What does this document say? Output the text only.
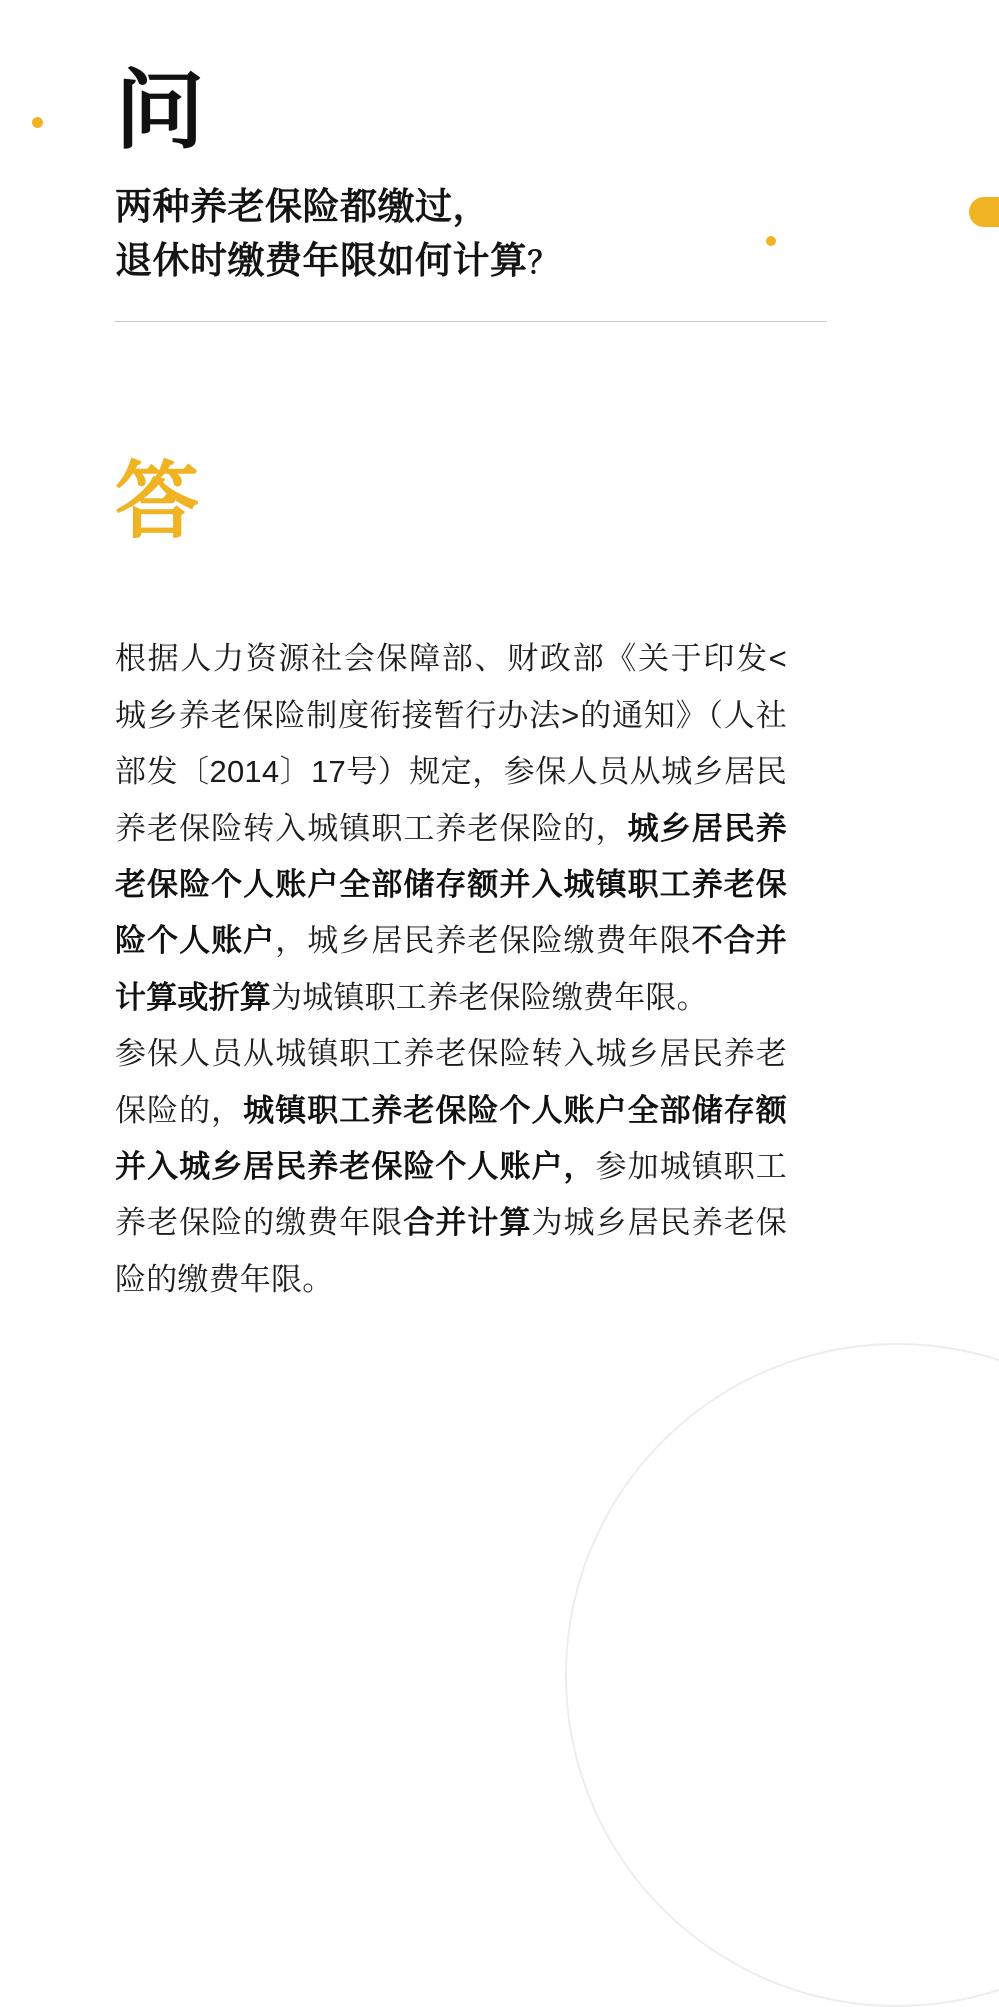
问
两种养老保险都缴过，
退休时缴费年限如何计算？
答

根据人力资源社会保障部、财政部《关于印发<城乡养老保险制度衔接暂行办法>的通知》（人社部发〔2014〕17号）规定，参保人员从城乡居民养老保险转入城镇职工养老保险的，城乡居民养老保险个人账户全部储存额并入城镇职工养老保险个人账户，城乡居民养老保险缴费年限不合并计算或折算为城镇职工养老保险缴费年限。

参保人员从城镇职工养老保险转入城乡居民养老保险的，城镇职工养老保险个人账户全部储存额并入城乡居民养老保险个人账户，参加城镇职工养老保险的缴费年限合并计算为城乡居民养老保险的缴费年限。
